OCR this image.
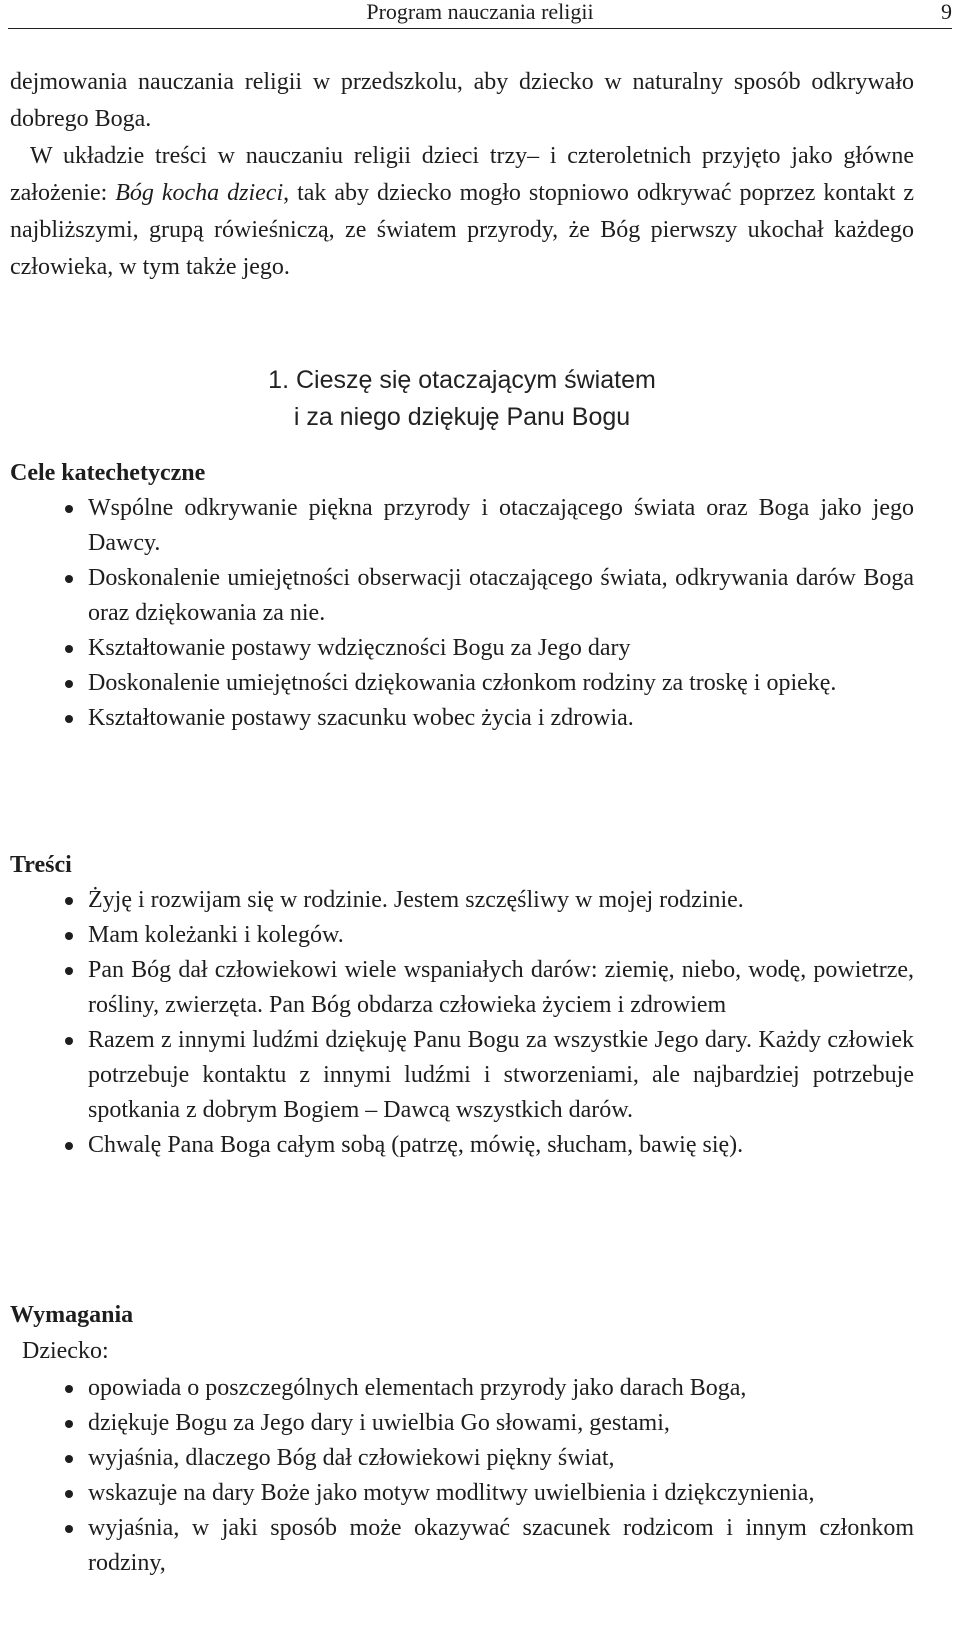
Program nauczania religii	9

dejmowania nauczania religii w przedszkolu, aby dziecko w naturalny sposób odkrywało dobrego Boga.

W układzie treści w nauczaniu religii dzieci trzy– i czteroletnich przyjęto jako główne założenie: Bóg kocha dzieci, tak aby dziecko mogło stopniowo odkrywać poprzez kontakt z najbliższymi, grupą rówieśniczą, ze światem przyrody, że Bóg pierwszy ukochał każdego człowieka, w tym także jego.

1. Cieszę się otaczającym światem
i za niego dziękuję Panu Bogu
Cele katechetyczne
Wspólne odkrywanie piękna przyrody i otaczającego świata oraz Boga jako jego Dawcy.
Doskonalenie umiejętności obserwacji otaczającego świata, odkrywania darów Boga oraz dziękowania za nie.
Kształtowanie postawy wdzięczności Bogu za Jego dary
Doskonalenie umiejętności dziękowania członkom rodziny za troskę i opiekę.
Kształtowanie postawy szacunku wobec życia i zdrowia.
Treści
Żyję i rozwijam się w rodzinie. Jestem szczęśliwy w mojej rodzinie.
Mam koleżanki i kolegów.
Pan Bóg dał człowiekowi wiele wspaniałych darów: ziemię, niebo, wodę, powietrze, rośliny, zwierzęta. Pan Bóg obdarza człowieka życiem i zdrowiem
Razem z innymi ludźmi dziękuję Panu Bogu za wszystkie Jego dary. Każdy człowiek potrzebuje kontaktu z innymi ludźmi i stworzeniami, ale najbardziej potrzebuje spotkania z dobrym Bogiem – Dawcą wszystkich darów.
Chwalę Pana Boga całym sobą (patrzę, mówię, słucham, bawię się).
Wymagania

Dziecko:

opowiada o poszczególnych elementach przyrody jako darach Boga,
dziękuje Bogu za Jego dary i uwielbia Go słowami, gestami,
wyjaśnia, dlaczego Bóg dał człowiekowi piękny świat,
wskazuje na dary Boże jako motyw modlitwy uwielbienia i dziękczynienia,
wyjaśnia, w jaki sposób może okazywać szacunek rodzicom i innym członkom rodziny,
